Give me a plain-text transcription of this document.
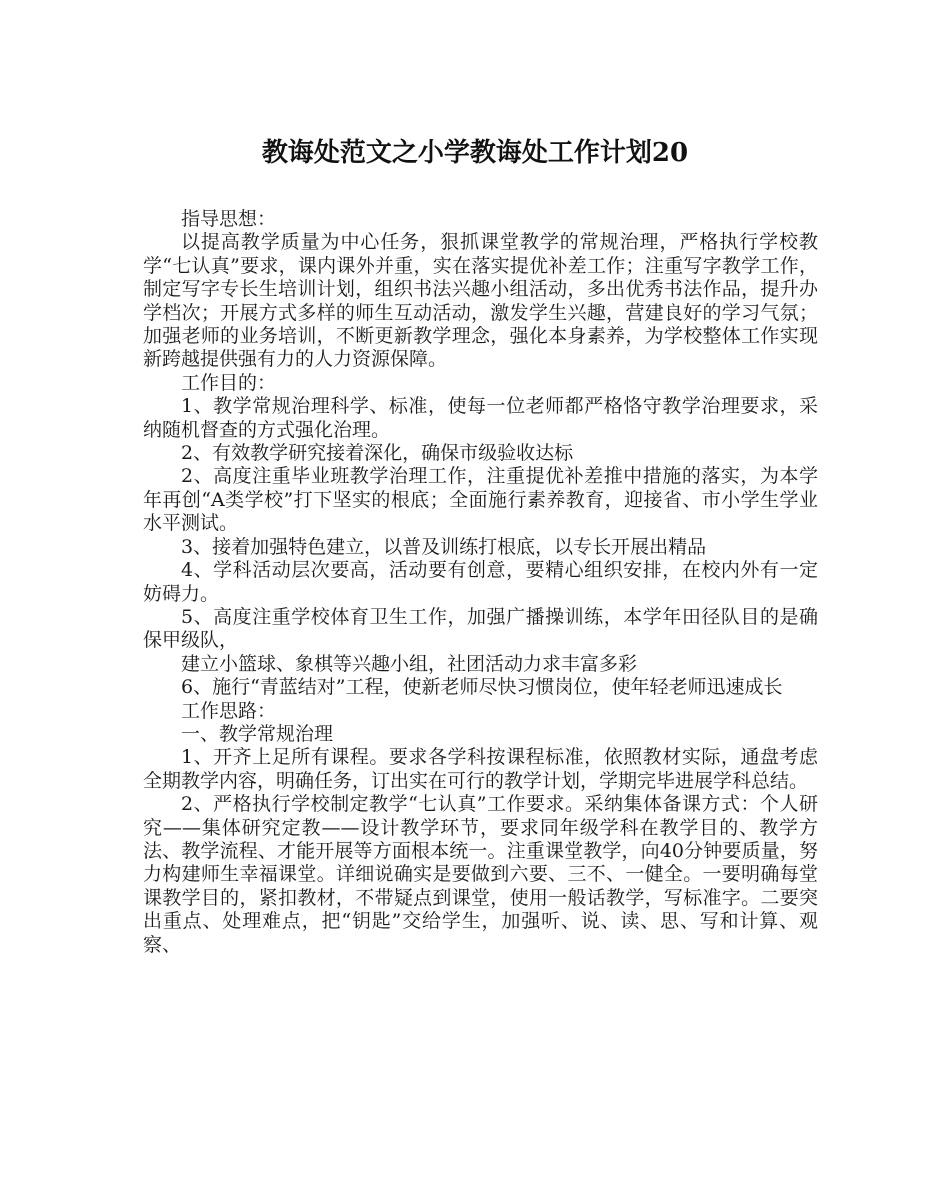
教诲处范文之小学教诲处工作计划20

指导思想：

以提高教学质量为中心任务，狠抓课堂教学的常规治理，严格执行学校教学“七认真”要求，课内课外并重，实在落实提优补差工作；注重写字教学工作，制定写字专长生培训计划，组织书法兴趣小组活动，多出优秀书法作品，提升办学档次；开展方式多样的师生互动活动，激发学生兴趣，营建良好的学习气氛；加强老师的业务培训，不断更新教学理念，强化本身素养，为学校整体工作实现新跨越提供强有力的人力资源保障。

工作目的：

1、教学常规治理科学、标准，使每一位老师都严格恪守教学治理要求，采纳随机督查的方式强化治理。

2、有效教学研究接着深化，确保市级验收达标

2、高度注重毕业班教学治理工作，注重提优补差推中措施的落实，为本学年再创“A类学校”打下坚实的根底；全面施行素养教育，迎接省、市小学生学业水平测试。

3、接着加强特色建立，以普及训练打根底，以专长开展出精品

4、学科活动层次要高，活动要有创意，要精心组织安排，在校内外有一定妨碍力。

5、高度注重学校体育卫生工作，加强广播操训练，本学年田径队目的是确保甲级队，

建立小篮球、象棋等兴趣小组，社团活动力求丰富多彩

6、施行“青蓝结对”工程，使新老师尽快习惯岗位，使年轻老师迅速成长

工作思路：

一、教学常规治理

1、开齐上足所有课程。要求各学科按课程标准，依照教材实际，通盘考虑全期教学内容，明确任务，订出实在可行的教学计划，学期完毕进展学科总结。

2、严格执行学校制定教学“七认真”工作要求。采纳集体备课方式：个人研究——集体研究定教——设计教学环节，要求同年级学科在教学目的、教学方法、教学流程、才能开展等方面根本统一。注重课堂教学，向40分钟要质量，努力构建师生幸福课堂。详细说确实是要做到六要、三不、一健全。一要明确每堂课教学目的，紧扣教材，不带疑点到课堂，使用一般话教学，写标准字。二要突出重点、处理难点，把“钥匙”交给学生，加强听、说、读、思、写和计算、观察、
